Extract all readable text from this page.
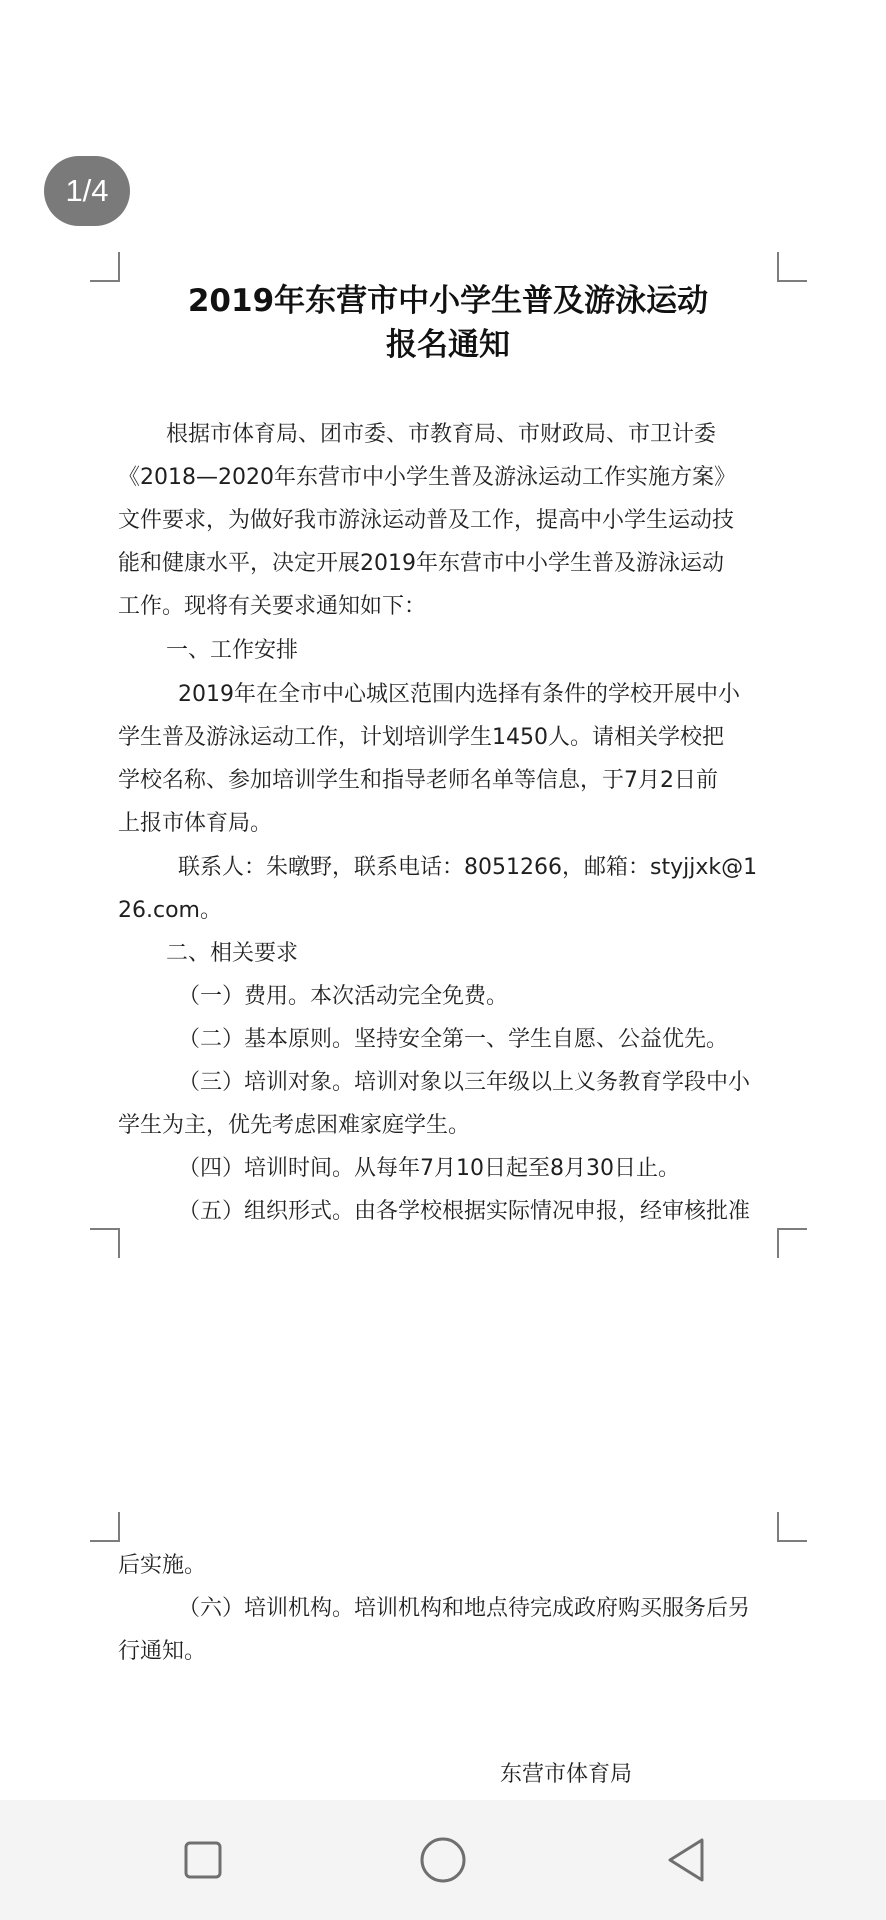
1/4
2019年东营市中小学生普及游泳运动
报名通知
根据市体育局、团市委、市教育局、市财政局、市卫计委
《2018—2020年东营市中小学生普及游泳运动工作实施方案》
文件要求，为做好我市游泳运动普及工作，提高中小学生运动技
能和健康水平，决定开展2019年东营市中小学生普及游泳运动
工作。现将有关要求通知如下：
一、工作安排
2019年在全市中心城区范围内选择有条件的学校开展中小
学生普及游泳运动工作，计划培训学生1450人。请相关学校把
学校名称、参加培训学生和指导老师名单等信息，于7月2日前
上报市体育局。
联系人：朱暾野，联系电话：8051266，邮箱：styjjxk@1
26.com。
二、相关要求
（一）费用。本次活动完全免费。
（二）基本原则。坚持安全第一、学生自愿、公益优先。
（三）培训对象。培训对象以三年级以上义务教育学段中小
学生为主，优先考虑困难家庭学生。
（四）培训时间。从每年7月10日起至8月30日止。
（五）组织形式。由各学校根据实际情况申报，经审核批准
后实施。
（六）培训机构。培训机构和地点待完成政府购买服务后另
行通知。
东营市体育局
